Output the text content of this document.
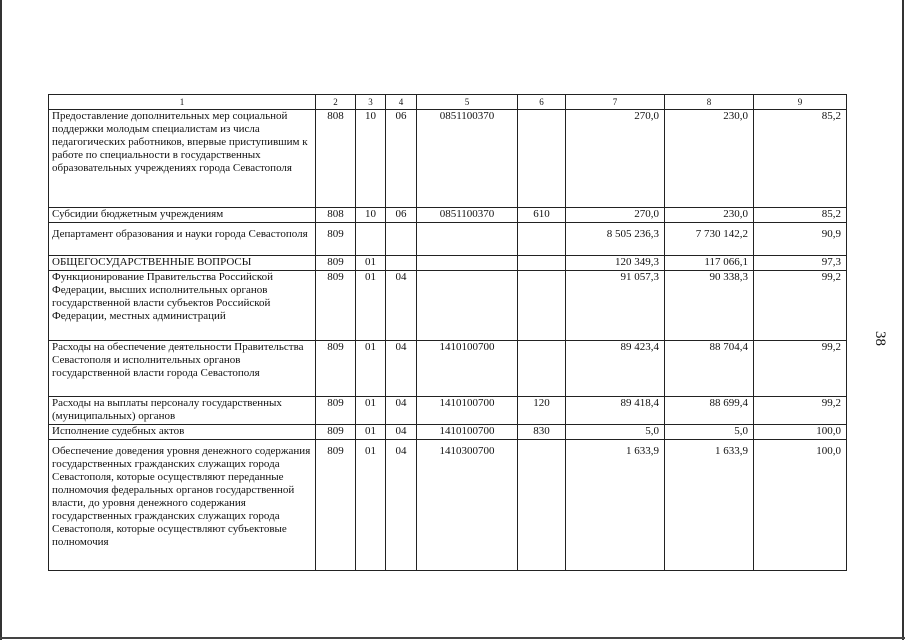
38
1	2	3	4	5	6	7	8	9
Предоставление дополнительных мер социальной поддержки молодым специалистам из числа педагогических работников, впервые приступившим к работе по специальности в государственных образовательных учреждениях города Севастополя	808	10	06	0851100370		270,0	230,0	85,2
Субсидии бюджетным учреждениям	808	10	06	0851100370	610	270,0	230,0	85,2

Департамент образования и науки города Севастополя	809					8 505 236,3	7 730 142,2	90,9
ОБЩЕГОСУДАРСТВЕННЫЕ ВОПРОСЫ	809	01				120 349,3	117 066,1	97,3
Функционирование Правительства Российской Федерации, высших исполнительных органов государственной власти субъектов Российской Федерации, местных администраций	809	01	04			91 057,3	90 338,3	99,2
Расходы на обеспечение деятельности Правительства Севастополя и исполнительных органов государственной власти города Севастополя	809	01	04	1410100700		89 423,4	88 704,4	99,2
Расходы на выплаты персоналу государственных (муниципальных) органов	809	01	04	1410100700	120	89 418,4	88 699,4	99,2
Исполнение судебных актов	809	01	04	1410100700	830	5,0	5,0	100,0

Обеспечение доведения уровня денежного содержания государственных гражданских служащих города Севастополя, которые осуществляют переданные полномочия федеральных органов государственной власти, до уровня денежного содержания государственных гражданских служащих города Севастополя, которые осуществляют субъектовые полномочия	809	01	04	1410300700		1 633,9	1 633,9	100,0
